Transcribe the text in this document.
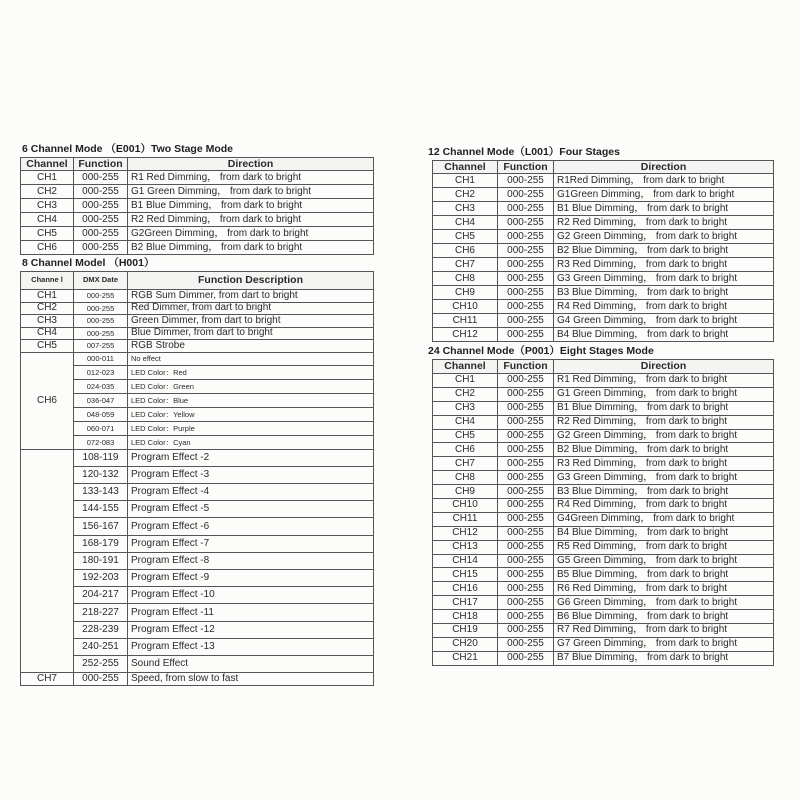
6 Channel Mode （E001）Two Stage Mode
Channel	Function	Direction
CH1	000-255	R1 Red Dimming， from dark to bright
CH2	000-255	G1 Green Dimming， from dark to bright
CH3	000-255	B1 Blue Dimming， from dark to bright
CH4	000-255	R2 Red Dimming， from dark to bright
CH5	000-255	G2Green Dimming， from dark to bright
CH6	000-255	B2 Blue Dimming， from dark to bright
8 Channel Model （H001）
Channe l	DMX Date	Function Description
CH1	000-255	RGB Sum Dimmer, from dart to bright
CH2	000-255	Red Dimmer, from dart to bright
CH3	000-255	Green Dimmer, from dart to bright
CH4	000-255	Blue Dimmer, from dart to bright
CH5	007-255	RGB Strobe
CH6	000-011	No effect
	012-023	LED Color：Red
	024-035	LED Color：Green
	036-047	LED Color：Blue
	048-059	LED Color：Yellow
	060-071	LED Color：Purple
	072-083	LED Color：Cyan
	108-119	Program Effect -2
	120-132	Program Effect -3
	133-143	Program Effect -4
	144-155	Program Effect -5
	156-167	Program Effect -6
	168-179	Program Effect -7
	180-191	Program Effect -8
	192-203	Program Effect -9
	204-217	Program Effect -10
	218-227	Program Effect -11
	228-239	Program Effect -12
	240-251	Program Effect -13
	252-255	Sound Effect
CH7	000-255	Speed, from slow to fast
12 Channel Mode（L001）Four Stages
Channel	Function	Direction
CH1	000-255	R1Red Dimming， from dark to bright
CH2	000-255	G1Green Dimming， from dark to bright
CH3	000-255	B1 Blue Dimming， from dark to bright
CH4	000-255	R2 Red Dimming， from dark to bright
CH5	000-255	G2 Green Dimming， from dark to bright
CH6	000-255	B2 Blue Dimming， from dark to bright
CH7	000-255	R3 Red Dimming， from dark to bright
CH8	000-255	G3 Green Dimming， from dark to bright
CH9	000-255	B3 Blue Dimming， from dark to bright
CH10	000-255	R4 Red Dimming， from dark to bright
CH11	000-255	G4 Green Dimming， from dark to bright
CH12	000-255	B4 Blue Dimming， from dark to bright
24 Channel Mode（P001）Eight Stages Mode
Channel	Function	Direction
CH1	000-255	R1 Red Dimming， from dark to bright
CH2	000-255	G1 Green Dimming， from dark to bright
CH3	000-255	B1 Blue Dimming， from dark to bright
CH4	000-255	R2 Red Dimming， from dark to bright
CH5	000-255	G2 Green Dimming， from dark to bright
CH6	000-255	B2 Blue Dimming， from dark to bright
CH7	000-255	R3 Red Dimming， from dark to bright
CH8	000-255	G3 Green Dimming， from dark to bright
CH9	000-255	B3 Blue Dimming， from dark to bright
CH10	000-255	R4 Red Dimming， from dark to bright
CH11	000-255	G4Green Dimming， from dark to bright
CH12	000-255	B4 Blue Dimming， from dark to bright
CH13	000-255	R5 Red Dimming， from dark to bright
CH14	000-255	G5 Green Dimming， from dark to bright
CH15	000-255	B5 Blue Dimming， from dark to bright
CH16	000-255	R6 Red Dimming， from dark to bright
CH17	000-255	G6 Green Dimming， from dark to bright
CH18	000-255	B6 Blue Dimming， from dark to bright
CH19	000-255	R7 Red Dimming， from dark to bright
CH20	000-255	G7 Green Dimming， from dark to bright
CH21	000-255	B7 Blue Dimming， from dark to bright
